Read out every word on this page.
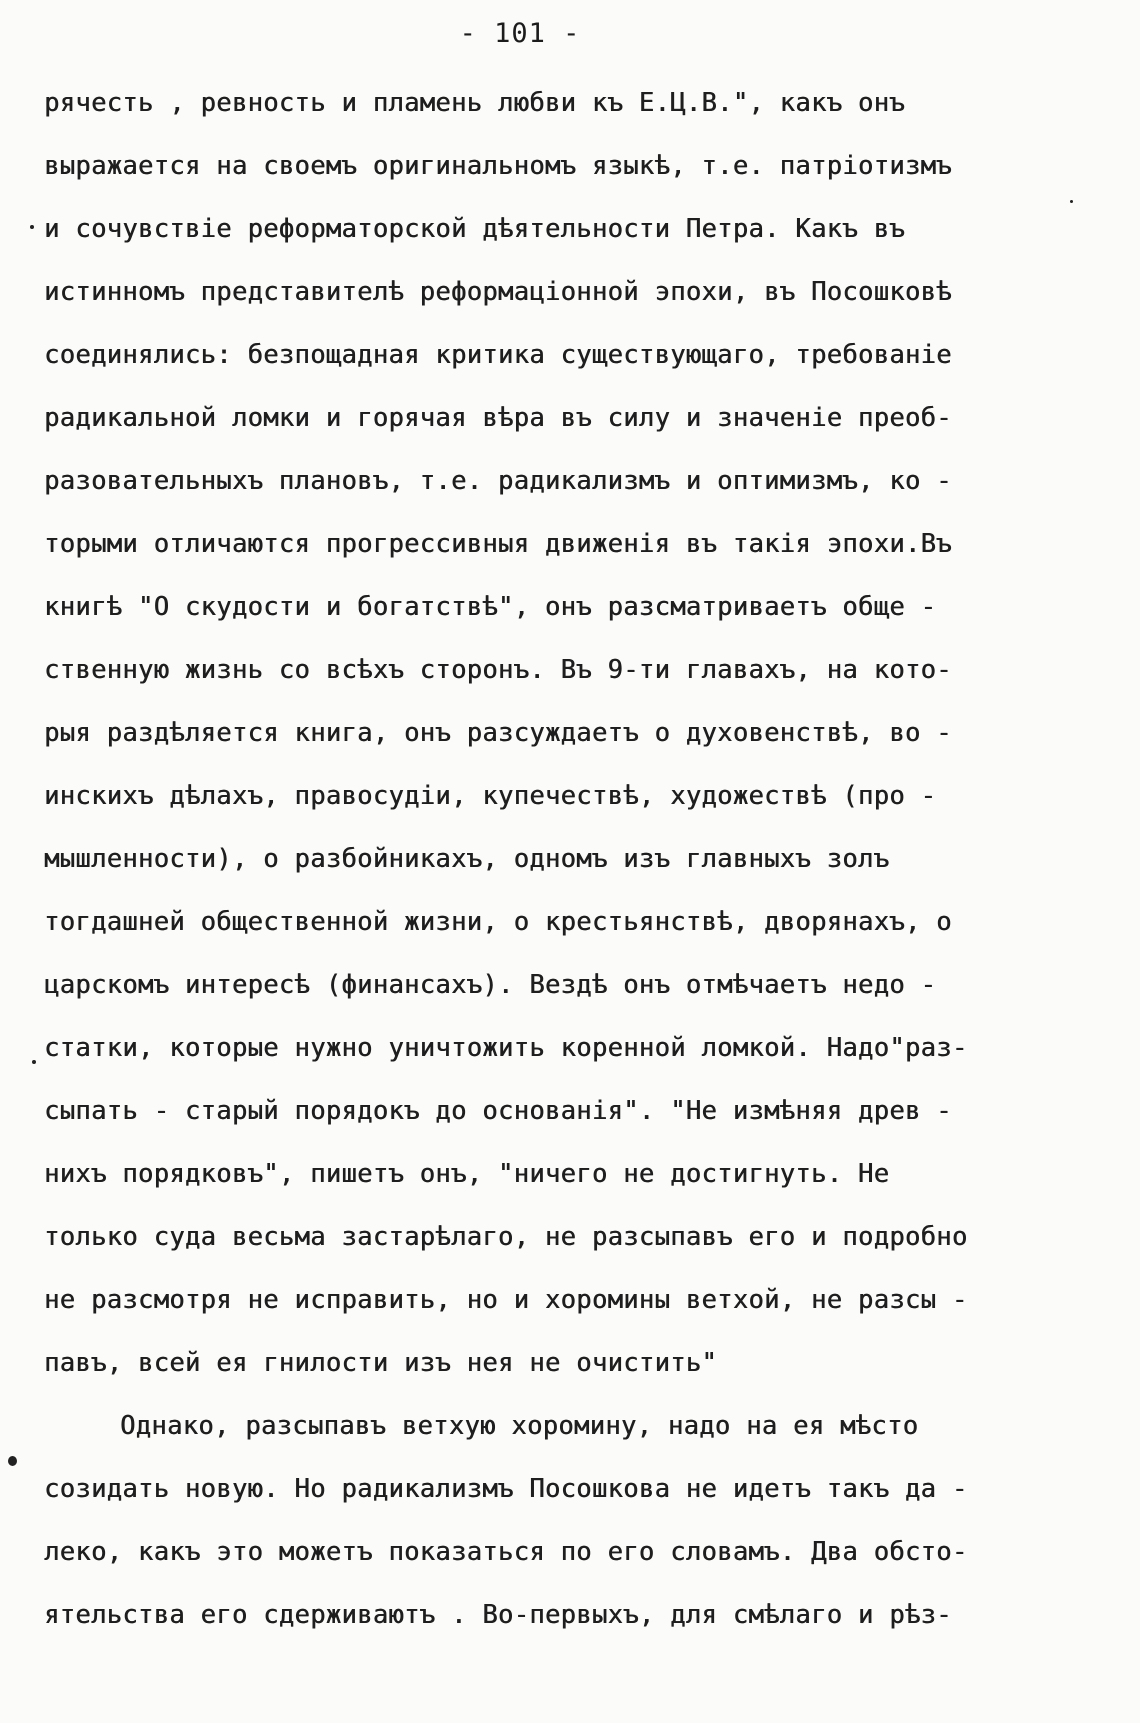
- 101 -
рячесть , ревность и пламень любви къ Е.Ц.В.", какъ онъ
выражается на своемъ оригинальномъ языкѣ, т.е. патріотизмъ
и сочувствіе реформаторской дѣятельности Петра. Какъ въ
истинномъ представителѣ реформаціонной эпохи, въ Посошковѣ
соединялись: безпощадная критика существующаго, требованіе
радикальной ломки и горячая вѣра въ силу и значеніе преоб-
разовательныхъ плановъ, т.е. радикализмъ и оптимизмъ, ко -
торыми отличаются прогрессивныя движенія въ такія эпохи.Въ
книгѣ "О скудости и богатствѣ", онъ разсматриваетъ обще -
ственную жизнь со всѣхъ сторонъ. Въ 9-ти главахъ, на кото-
рыя раздѣляется книга, онъ разсуждаетъ о духовенствѣ, во -
инскихъ дѣлахъ, правосудіи, купечествѣ, художествѣ (про -
мышленности), о разбойникахъ, одномъ изъ главныхъ золъ
тогдашней общественной жизни, о крестьянствѣ, дворянахъ, о
царскомъ интересѣ (финансахъ). Вездѣ онъ отмѣчаетъ недо -
статки, которые нужно уничтожить коренной ломкой. Надо"раз-
сыпать - старый порядокъ до основанія". "Не измѣняя древ -
нихъ порядковъ", пишетъ онъ, "ничего не достигнуть. Не
только суда весьма застарѣлаго, не разсыпавъ его и подробно
не разсмотря не исправить, но и хоромины ветхой, не разсы -
павъ, всей ея гнилости изъ нея не очистить"
Однако, разсыпавъ ветхую хоромину, надо на ея мѣсто
созидать новую. Но радикализмъ Посошкова не идетъ такъ да -
леко, какъ это можетъ показаться по его словамъ. Два обсто-
ятельства его сдерживаютъ . Во-первыхъ, для смѣлаго и рѣз-
